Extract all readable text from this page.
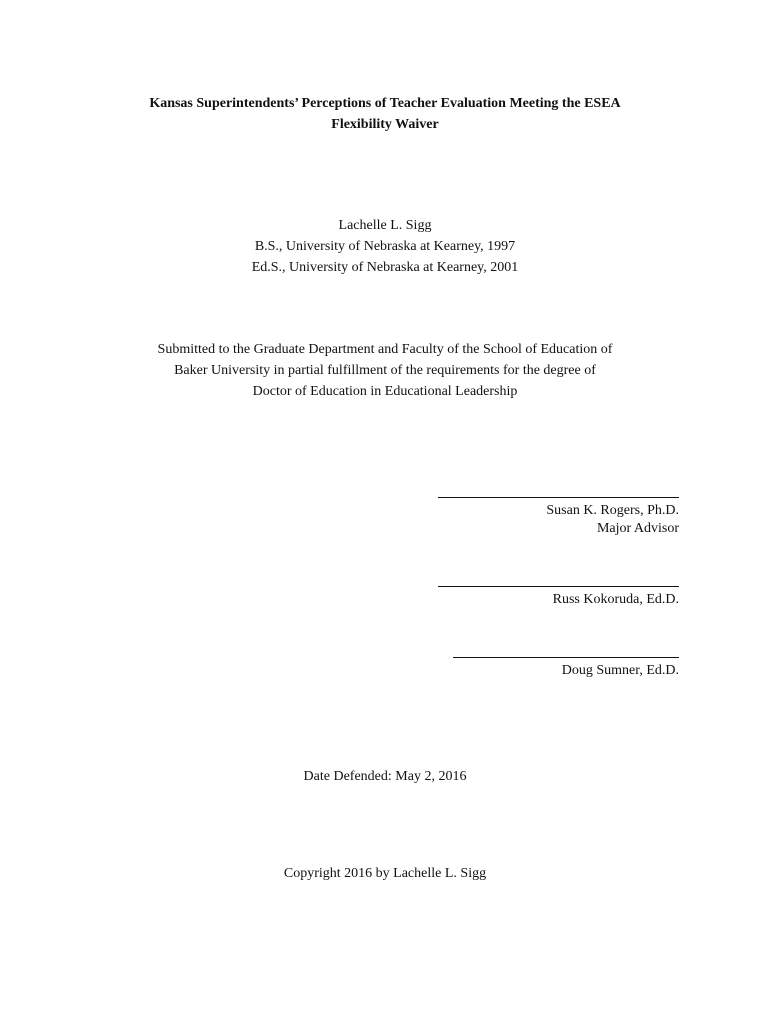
Kansas Superintendents’ Perceptions of Teacher Evaluation Meeting the ESEA
Flexibility Waiver
Lachelle L. Sigg
B.S., University of Nebraska at Kearney, 1997
Ed.S., University of Nebraska at Kearney, 2001
Submitted to the Graduate Department and Faculty of the School of Education of
Baker University in partial fulfillment of the requirements for the degree of
Doctor of Education in Educational Leadership
Susan K. Rogers, Ph.D.
Major Advisor
Russ Kokoruda, Ed.D.
Doug Sumner, Ed.D.
Date Defended: May 2, 2016
Copyright 2016 by Lachelle L. Sigg
